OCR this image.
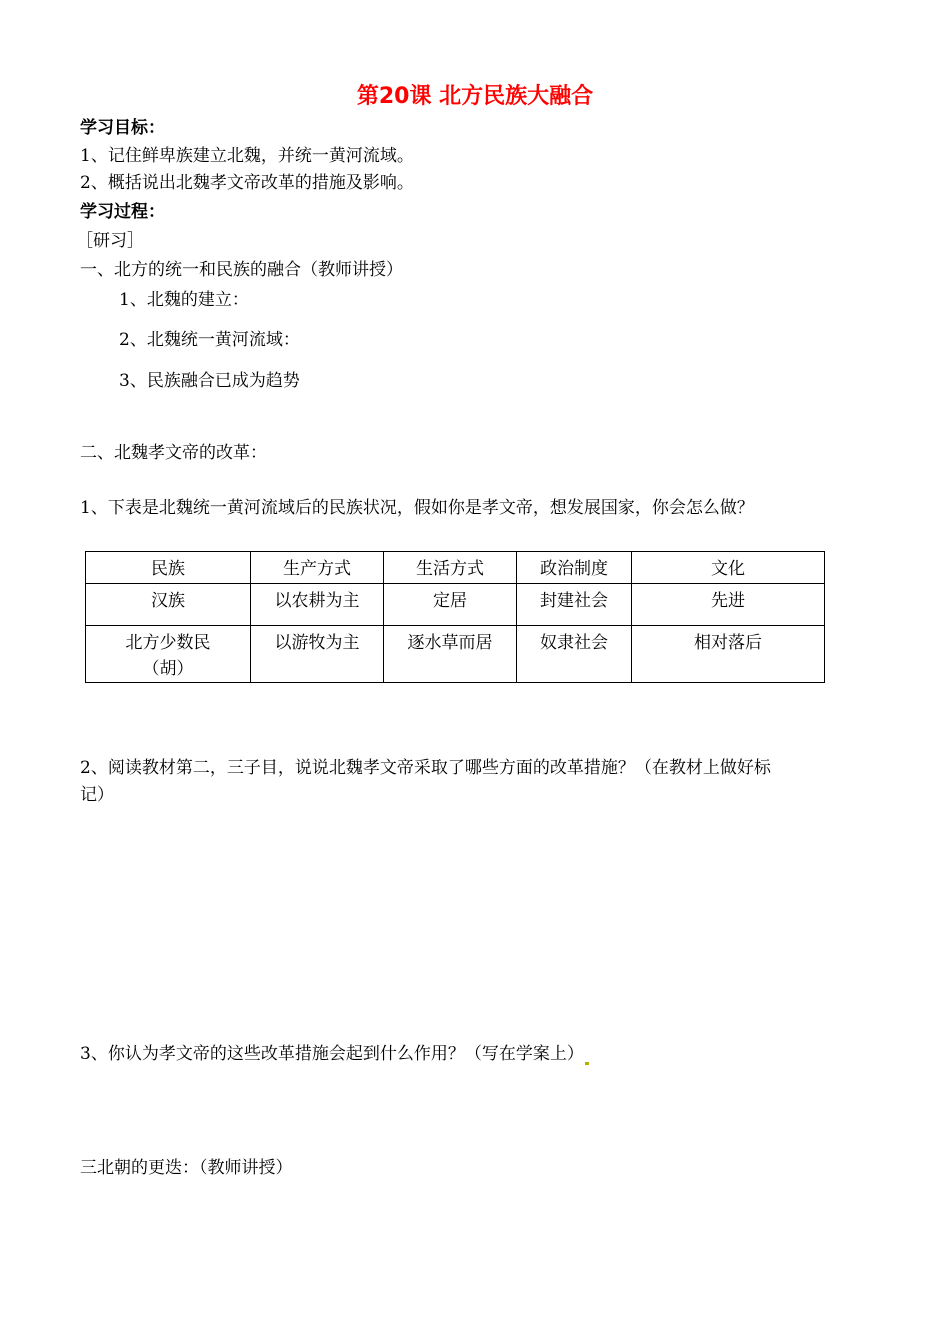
第20课 北方民族大融合
学习目标：
1、记住鲜卑族建立北魏，并统一黄河流域。
2、概括说出北魏孝文帝改革的措施及影响。
学习过程：
［研习］
一、北方的统一和民族的融合（教师讲授）
1、北魏的建立：
2、北魏统一黄河流域：
3、民族融合已成为趋势
二、北魏孝文帝的改革：
1、下表是北魏统一黄河流域后的民族状况，假如你是孝文帝，想发展国家，你会怎么做？
民族	生产方式	生活方式	政治制度	文化
汉族	以农耕为主	定居	封建社会	先进
北方少数民（胡）	以游牧为主	逐水草而居	奴隶社会	相对落后
2、阅读教材第二，三子目，说说北魏孝文帝采取了哪些方面的改革措施？（在教材上做好标
记）
3、你认为孝文帝的这些改革措施会起到什么作用？（写在学案上）
三北朝的更迭：（教师讲授）
